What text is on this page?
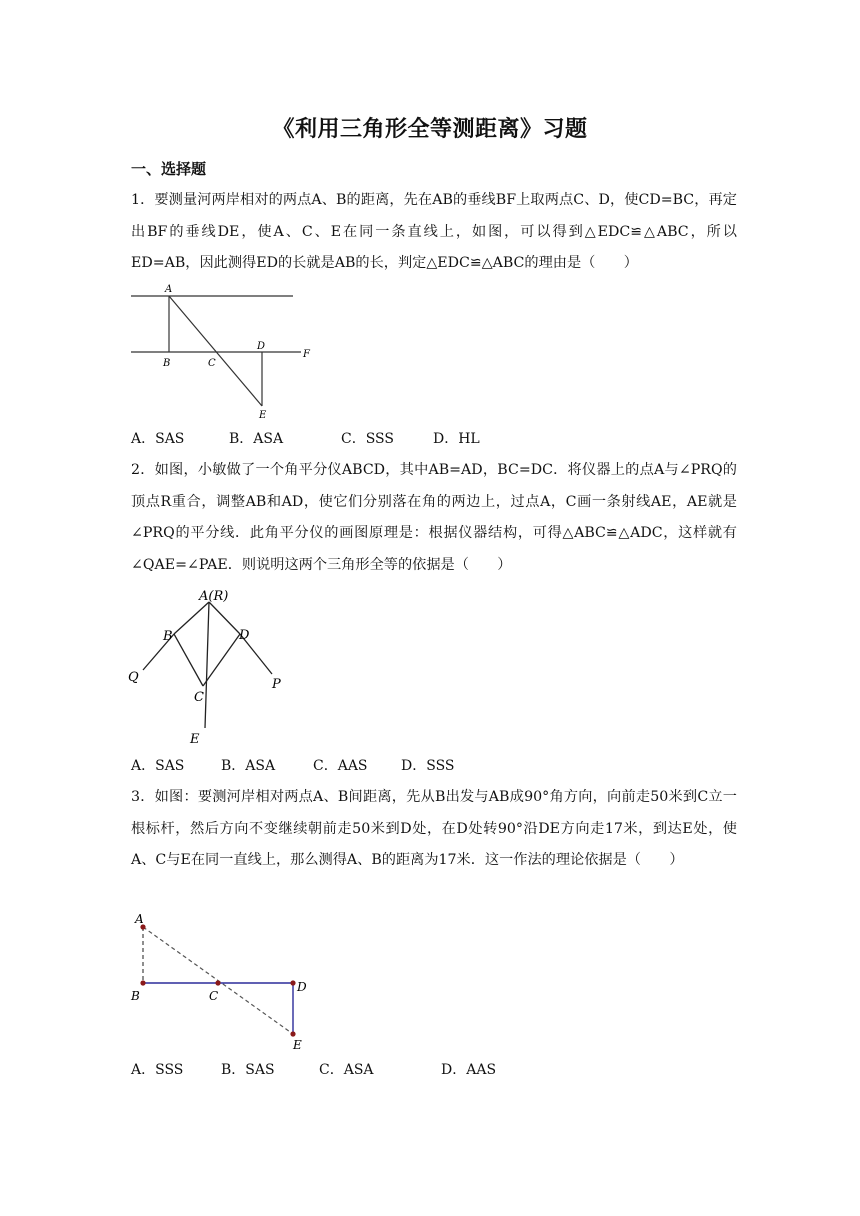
《利用三角形全等测距离》习题
一、选择题
1．要测量河两岸相对的两点A、B的距离，先在AB的垂线BF上取两点C、D，使CD=BC，再定出BF的垂线DE，使A、C、E在同一条直线上，如图，可以得到△EDC≌△ABC，所以ED=AB，因此测得ED的长就是AB的长，判定△EDC≌△ABC的理由是（　　）
A
B	C
D
F
E
A．SAS	B．ASA	C．SSS	D．HL
2．如图，小敏做了一个角平分仪ABCD，其中AB=AD，BC=DC．将仪器上的点A与∠PRQ的顶点R重合，调整AB和AD，使它们分别落在角的两边上，过点A，C画一条射线AE，AE就是∠PRQ的平分线．此角平分仪的画图原理是：根据仪器结构，可得△ABC≌△ADC，这样就有∠QAE=∠PAE．则说明这两个三角形全等的依据是（　　）
A(R)
B	D
Q
C
P
E
A．SAS	B．ASA	C．AAS D．SSS
3．如图：要测河岸相对两点A、B间距离，先从B出发与AB成90°角方向，向前走50米到C立一根标杆，然后方向不变继续朝前走50米到D处，在D处转90°沿DE方向走17米，到达E处，使A、C与E在同一直线上，那么测得A、B的距离为17米．这一作法的理论依据是（　　）
A
B	C
D
E
A．SSS	B．SAS	C．ASA	D．AAS
